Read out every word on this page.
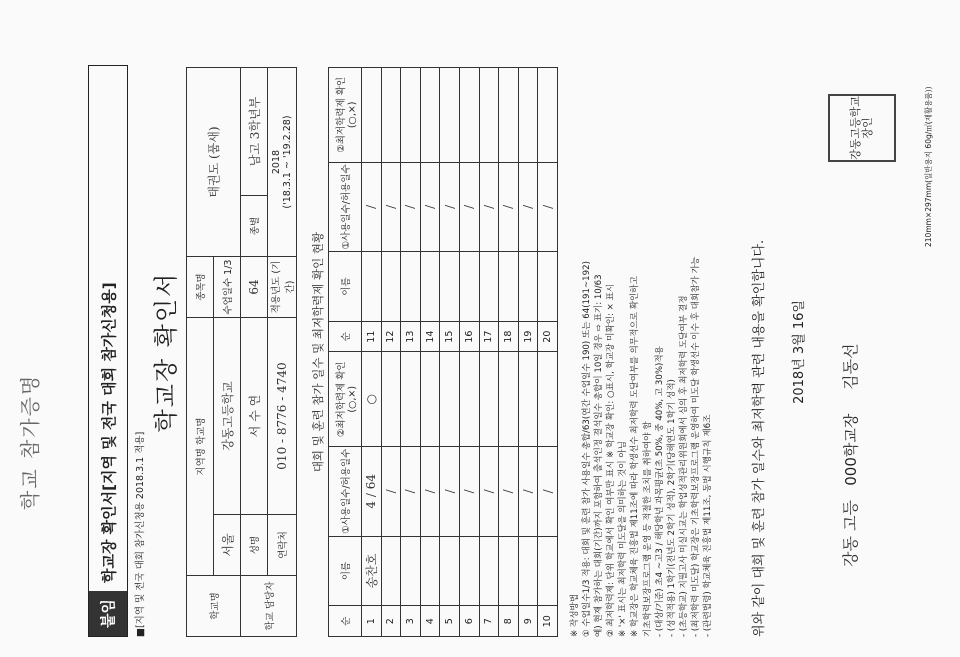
학교 참가증명
붙임
학교장 확인서[지역 및 전국 대회 참가신청용]	■[지역 및 전국 대회 참가신청용 2018.3.1 적용]
학교장 확인서
학교명	지역명 학교명		종목명	태권도 (품새)	
	서울	강동고등학교	수업일수 1/3		
학교 담당자	성명	서 수 연	64	종별	남고 3학년부
	연락처	010 - 8776 - 4740	적용년도 (기간)	2018
('18.3.1 ~ '19.2.28)	
대회 및 훈련 참가 일수 및 최저학력제 확인 현황
순	이름	①사용일수/허용일수	②최저학력제 확인(○,×)	순	이름	①사용일수/허용일수	②최저학력제 확인(○,×)
1	송찬호	4 / 64	○	11		/	
2		/		12		/	
3		/		13		/	
4		/		14		/	
5		/		15		/	
6		/		16		/	
7		/		17		/	
8		/		18		/	
9		/		19		/	
10		/		20		/	
※ 작성방법 ① 수업일수1/3 적용: 대회 및 훈련 참가 사용일수 총합/63(연간 수업일수 190) 또는 64(191~192) 예) 현재 참가하는 대회(기간)까지 포함하여 출석인정 결석일수 총합이 10일 경우 ⇨ 표기: 10/63 ② 최저학력제: 단위 학교에서 확인 여부만 표시 ※ 학교장 확인: ○표시, 학교장 미확인: × 표시 ※ '×' 표시는 최저학력 미도달을 의미하는 것이 아님 ※ 학교장은 학교체육 진흥법 제11조에 따라 학생선수 최저학력 도달여부를 의무적으로 확인하고 기초학력보장프로그램 운영 등 적절한 조치를 취하여야 함 - (대상/기준) 초4 ~고3 / 해당학년 과목평균(초 50%, 중 40%, 고 30%)적용 - (성적적용) 1학기(전년도 2학기 성적), 2학기(당해연도 1학기 성적) - (초등학교) 지필고사 미실시교는 학업성적관리위원회에서 심의 후 최저학력 도달여부 결정 - (최저학력 미도달) 학교장은 기초학력보장프로그램 운영하여 미도달 학생선수 이수 후 대회참가 가능 - (관련법령) 학교체육 진흥법 제11조, 동법 시행규칙 제6조	위와 같이 대회 및 훈련 참가 일수와 최저학력 관련 내용을 확인합니다.	2018년 3월 16일
강동 고등   000학교장     김동선
강동고등학교장인	210mm×297mm(일반용지 60g/㎡(재활용품))
